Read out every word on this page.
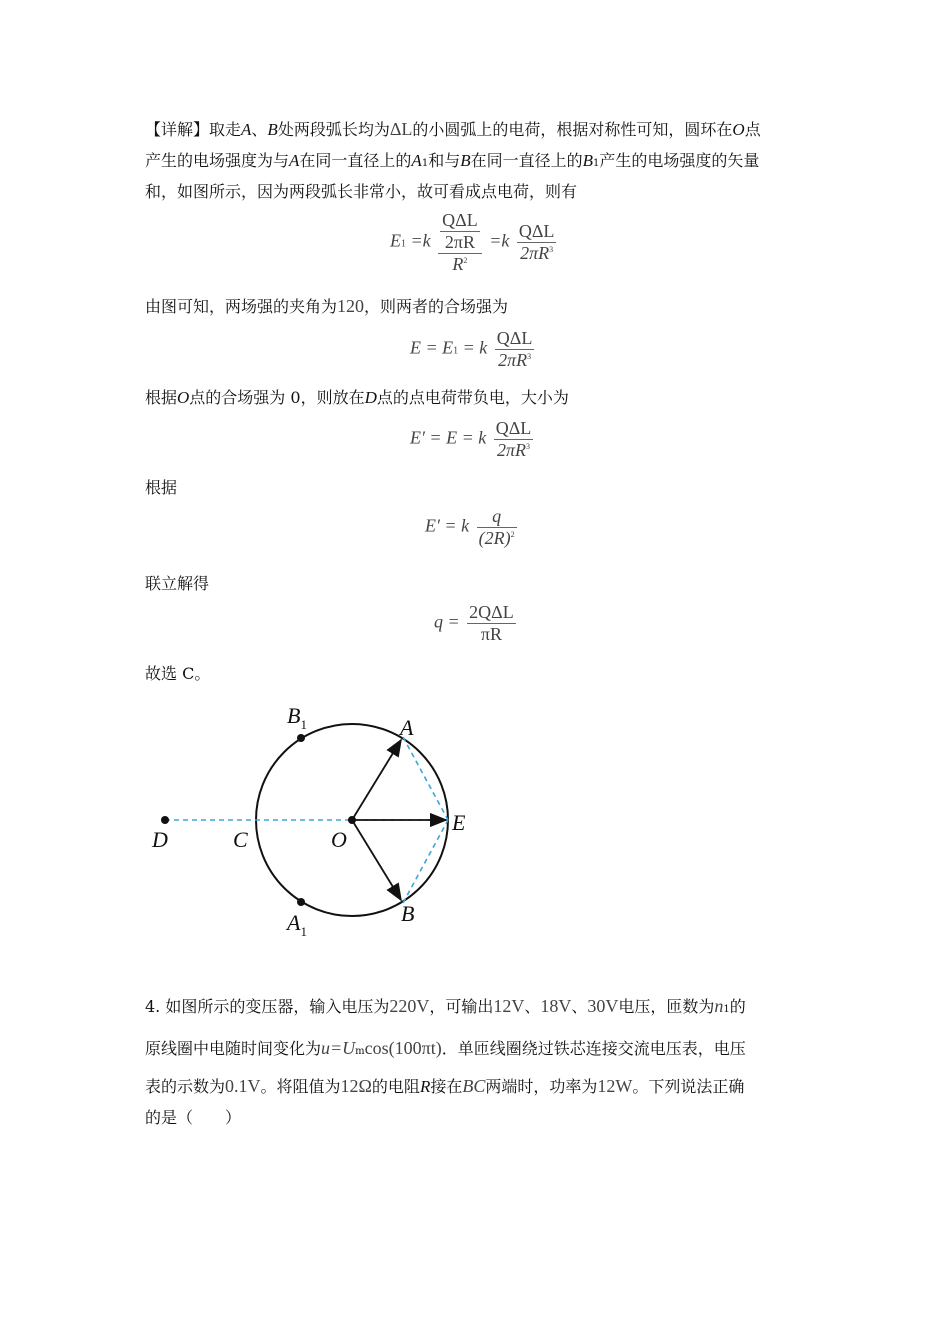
【详解】取走A、B处两段弧长均为ΔL的小圆弧上的电荷，根据对称性可知，圆环在O点
产生的电场强度为与A在同一直径上的A1和与B在同一直径上的B1产生的电场强度的矢量
和，如图所示，因为两段弧长非常小，故可看成点电荷，则有
E1 =k
QΔL
2πR
$R^2$
=k QΔL
$2\pi R^3$
由图可知，两场强的夹角为120，则两者的合场强为
E = E1 = k QΔL
$2\pi R^3$
根据O点的合场强为 0，则放在D点的点电荷带负电，大小为
E′ = E = k QΔL
$2\pi R^3$
根据
E′ = k $\frac{q}{(2R)^2}$
联立解得
q = 2QΔL
πR
故选 C。
$B_1$	A
E
D	C	O
B
$A_1$
4. 如图所示的变压器，输入电压为220V，可输出12V、18V、30V电压，匝数为n1的
原线圈中电随时间变化为u=Umcos(100πt)．单匝线圈绕过铁芯连接交流电压表，电压
表的示数为0.1V。将阻值为12Ω的电阻R接在BC两端时，功率为12W。下列说法正确
的是（　　）
